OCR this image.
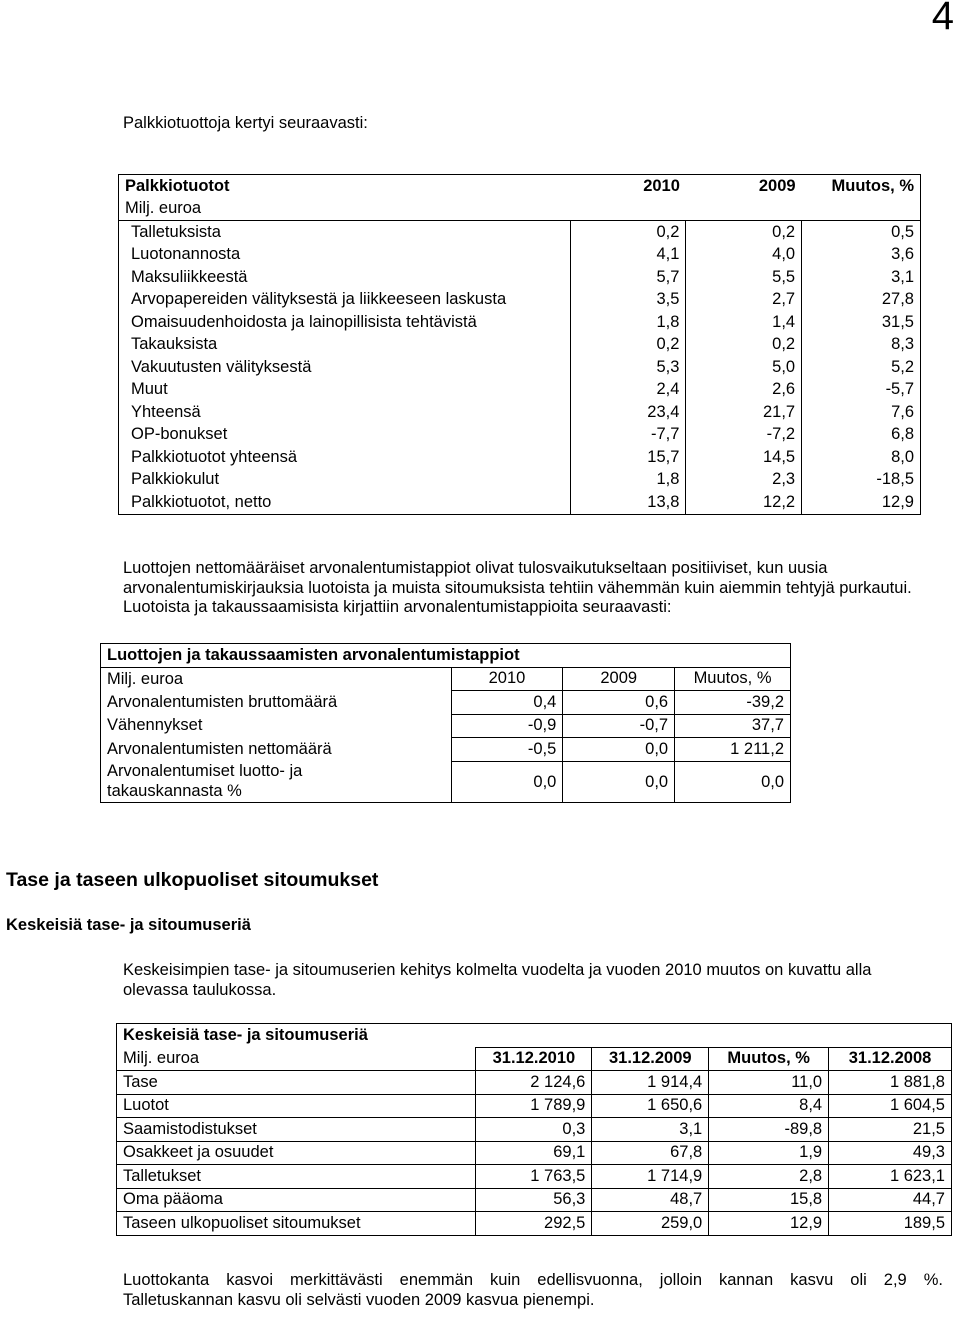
4
Palkkiotuottoja kertyi seuraavasti:
Palkkiotuotot	2010	2009	Muutos, %
Milj. euroa			
Talletuksista	0,2	0,2	0,5
Luotonannosta	4,1	4,0	3,6
Maksuliikkeestä	5,7	5,5	3,1
Arvopapereiden välityksestä ja liikkeeseen laskusta	3,5	2,7	27,8
Omaisuudenhoidosta ja lainopillisista tehtävistä	1,8	1,4	31,5
Takauksista	0,2	0,2	8,3
Vakuutusten välityksestä	5,3	5,0	5,2
Muut	2,4	2,6	-5,7
Yhteensä	23,4	21,7	7,6
OP-bonukset	-7,7	-7,2	6,8
Palkkiotuotot yhteensä	15,7	14,5	8,0
Palkkiokulut	1,8	2,3	-18,5
Palkkiotuotot, netto	13,8	12,2	12,9
Luottojen nettomääräiset arvonalentumistappiot olivat tulosvaikutukseltaan positiiviset, kun uusia arvonalentumiskirjauksia luotoista ja muista sitoumuksista tehtiin vähemmän kuin aiemmin tehtyjä purkautui. Luotoista ja takaussaamisista kirjattiin arvonalentumistappioita seuraavasti:
Luottojen ja takaussaamisten arvonalentumistappiot			
Milj. euroa	2010	2009	Muutos, %
Arvonalentumisten bruttomäärä	0,4	0,6	-39,2
Vähennykset	-0,9	-0,7	37,7
Arvonalentumisten nettomäärä	-0,5	0,0	1 211,2
Arvonalentumiset luotto- ja
takauskannasta %	0,0	0,0	0,0
Tase ja taseen ulkopuoliset sitoumukset
Keskeisiä tase- ja sitoumuseriä
Keskeisimpien tase- ja sitoumuserien kehitys kolmelta vuodelta ja vuoden 2010 muutos on kuvattu alla olevassa taulukossa.
Keskeisiä tase- ja sitoumuseriä				
Milj. euroa	31.12.2010	31.12.2009	Muutos, %	31.12.2008
Tase	2 124,6	1 914,4	11,0	1 881,8
Luotot	1 789,9	1 650,6	8,4	1 604,5
Saamistodistukset	0,3	3,1	-89,8	21,5
Osakkeet ja osuudet	69,1	67,8	1,9	49,3
Talletukset	1 763,5	1 714,9	2,8	1 623,1
Oma pääoma	56,3	48,7	15,8	44,7
Taseen ulkopuoliset sitoumukset	292,5	259,0	12,9	189,5
Luottokanta kasvoi merkittävästi enemmän kuin edellisvuonna, jolloin kannan kasvu oli 2,9 %.
Talletuskannan kasvu oli selvästi vuoden 2009 kasvua pienempi.
